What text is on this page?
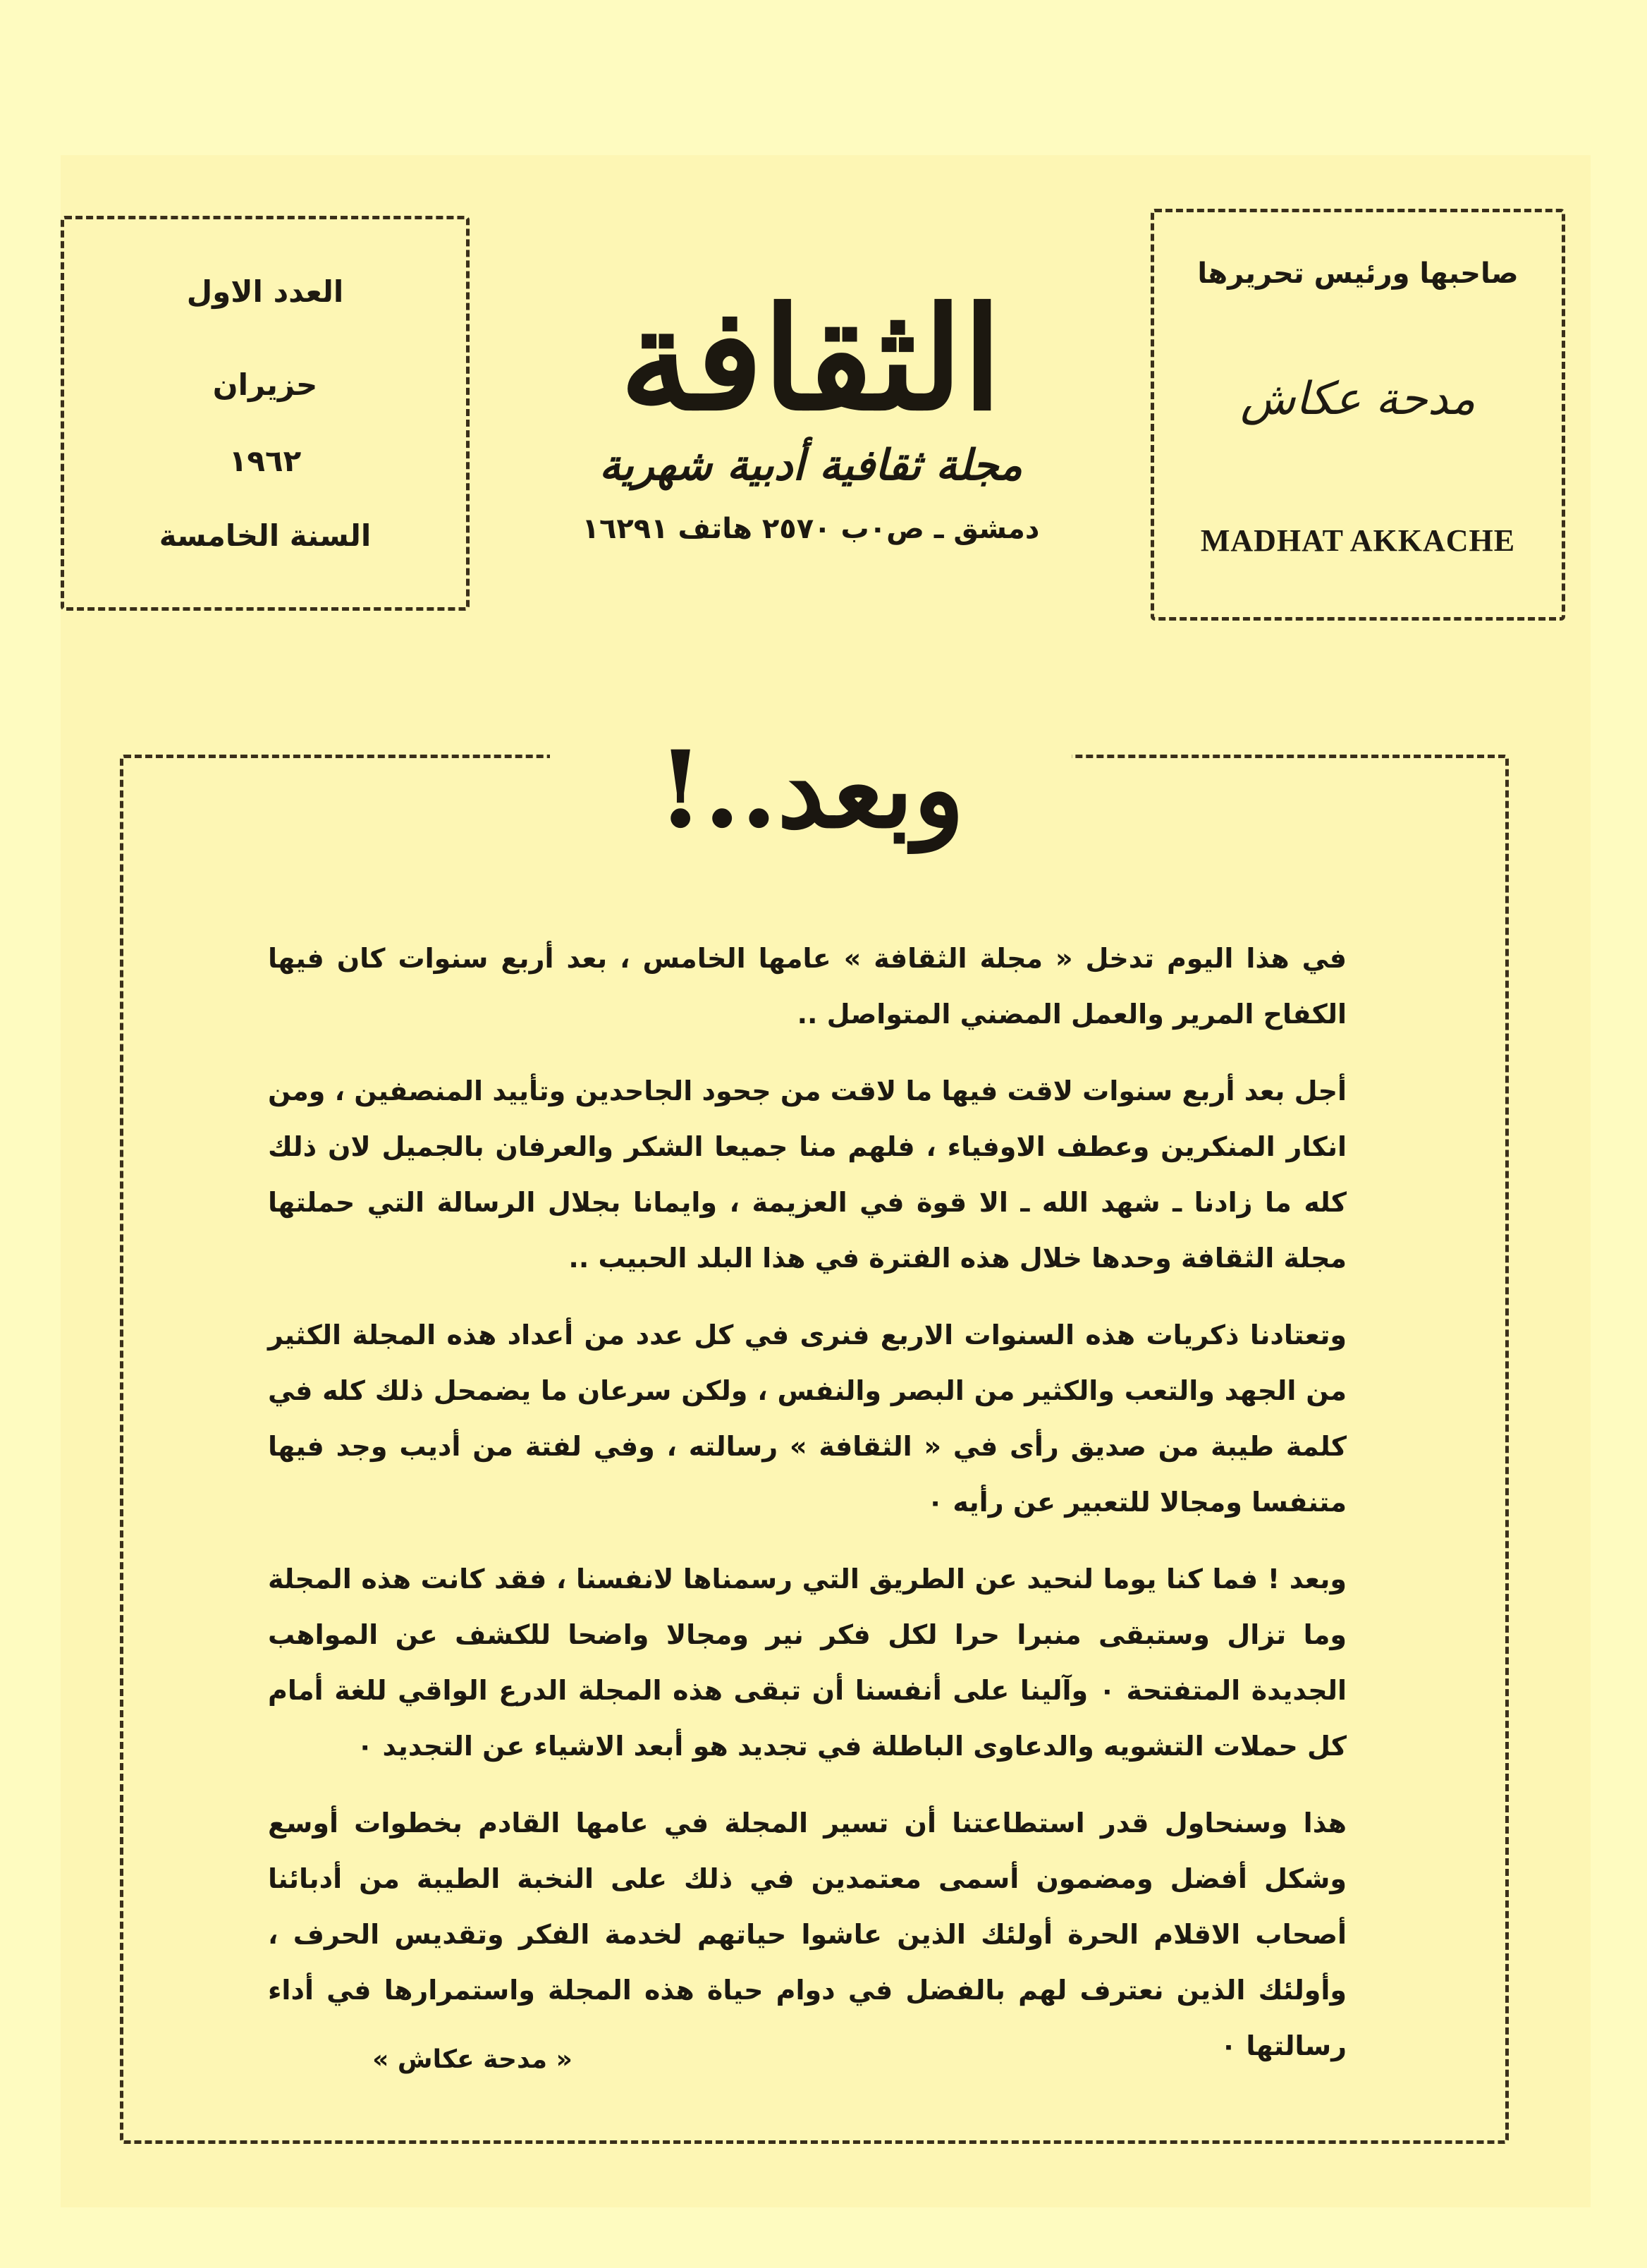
العدد الاول
حزيران
١٩٦٢
السنة الخامسة
صاحبها ورئيس تحريرها
مدحة عكاش
MADHAT AKKACHE
الثقافة
مجلة ثقافية أدبية شهرية
دمشق ـ ص٠ب ٢٥٧٠ هاتف ١٦٢٩١
وبعد..!

في هذا اليوم تدخل « مجلة الثقافة » عامها الخامس ، بعد أربع سنوات كان فيها الكفاح المرير والعمل المضني المتواصل ..

أجل بعد أربع سنوات لاقت فيها ما لاقت من جحود الجاحدين وتأييد المنصفين ، ومن انكار المنكرين وعطف الاوفياء ، فلهم منا جميعا الشكر والعرفان بالجميل لان ذلك كله ما زادنا ـ شهد الله ـ الا قوة في العزيمة ، وايمانا بجلال الرسالة التي حملتها مجلة الثقافة وحدها خلال هذه الفترة في هذا البلد الحبيب ..

وتعتادنا ذكريات هذه السنوات الاربع فنرى في كل عدد من أعداد هذه المجلة الكثير من الجهد والتعب والكثير من البصر والنفس ، ولكن سرعان ما يضمحل ذلك كله في كلمة طيبة من صديق رأى في « الثقافة » رسالته ، وفي لفتة من أديب وجد فيها متنفسا ومجالا للتعبير عن رأيه ٠

وبعد ! فما كنا يوما لنحيد عن الطريق التي رسمناها لانفسنا ، فقد كانت هذه المجلة وما تزال وستبقى منبرا حرا لكل فكر نير ومجالا واضحا للكشف عن المواهب الجديدة المتفتحة ٠ وآلينا على أنفسنا أن تبقى هذه المجلة الدرع الواقي للغة أمام كل حملات التشويه والدعاوى الباطلة في تجديد هو أبعد الاشياء عن التجديد ٠

هذا وسنحاول قدر استطاعتنا أن تسير المجلة في عامها القادم بخطوات أوسع وشكل أفضل ومضمون أسمى معتمدين في ذلك على النخبة الطيبة من أدبائنا أصحاب الاقلام الحرة أولئك الذين عاشوا حياتهم لخدمة الفكر وتقديس الحرف ، وأولئك الذين نعترف لهم بالفضل في دوام حياة هذه المجلة واستمرارها في أداء رسالتها ٠

« مدحة عكاش »
